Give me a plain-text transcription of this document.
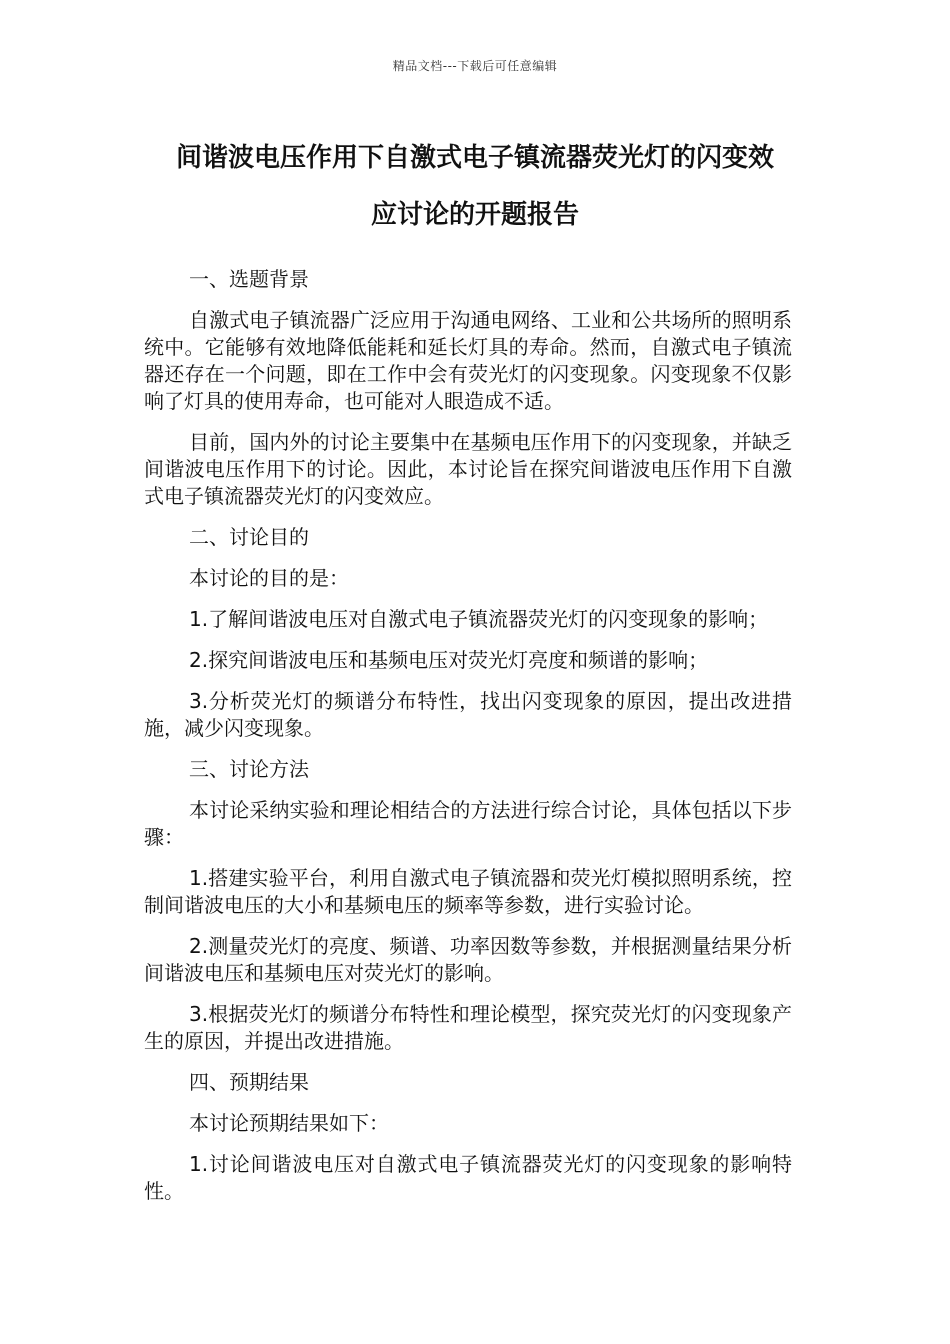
精品文档---下载后可任意编辑
间谐波电压作用下自激式电子镇流器荧光灯的闪变效
应讨论的开题报告

一、选题背景

自激式电子镇流器广泛应用于沟通电网络、工业和公共场所的照明系统中。它能够有效地降低能耗和延长灯具的寿命。然而，自激式电子镇流器还存在一个问题，即在工作中会有荧光灯的闪变现象。闪变现象不仅影响了灯具的使用寿命，也可能对人眼造成不适。

目前，国内外的讨论主要集中在基频电压作用下的闪变现象，并缺乏间谐波电压作用下的讨论。因此，本讨论旨在探究间谐波电压作用下自激式电子镇流器荧光灯的闪变效应。

二、讨论目的

本讨论的目的是：

1.了解间谐波电压对自激式电子镇流器荧光灯的闪变现象的影响；

2.探究间谐波电压和基频电压对荧光灯亮度和频谱的影响；

3.分析荧光灯的频谱分布特性，找出闪变现象的原因，提出改进措施，减少闪变现象。

三、讨论方法

本讨论采纳实验和理论相结合的方法进行综合讨论，具体包括以下步骤：

1.搭建实验平台，利用自激式电子镇流器和荧光灯模拟照明系统，控制间谐波电压的大小和基频电压的频率等参数，进行实验讨论。

2.测量荧光灯的亮度、频谱、功率因数等参数，并根据测量结果分析间谐波电压和基频电压对荧光灯的影响。

3.根据荧光灯的频谱分布特性和理论模型，探究荧光灯的闪变现象产生的原因，并提出改进措施。

四、预期结果

本讨论预期结果如下：

1.讨论间谐波电压对自激式电子镇流器荧光灯的闪变现象的影响特性。
